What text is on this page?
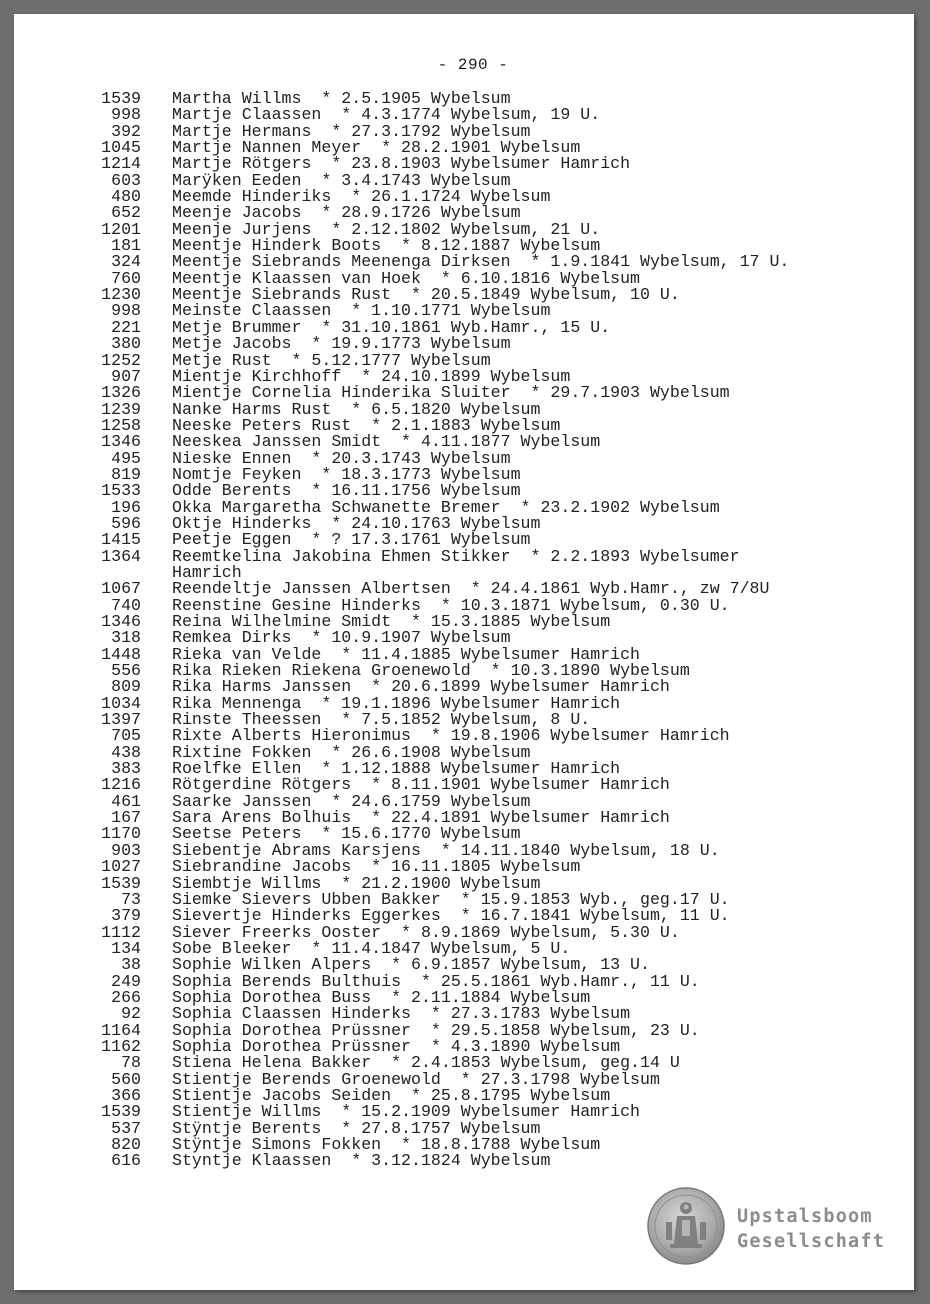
- 290 -
1539 Martha Willms  * 2.5.1905 Wybelsum
998 Martje Claassen  * 4.3.1774 Wybelsum, 19 U.
392 Martje Hermans  * 27.3.1792 Wybelsum
1045 Martje Nannen Meyer  * 28.2.1901 Wybelsum
1214 Martje Rötgers  * 23.8.1903 Wybelsumer Hamrich
603 Marÿken Eeden  * 3.4.1743 Wybelsum
480 Meemde Hinderiks  * 26.1.1724 Wybelsum
652 Meenje Jacobs  * 28.9.1726 Wybelsum
1201 Meenje Jurjens  * 2.12.1802 Wybelsum, 21 U.
181 Meentje Hinderk Boots  * 8.12.1887 Wybelsum
324 Meentje Siebrands Meenenga Dirksen  * 1.9.1841 Wybelsum, 17 U.
760 Meentje Klaassen van Hoek  * 6.10.1816 Wybelsum
1230 Meentje Siebrands Rust  * 20.5.1849 Wybelsum, 10 U.
998 Meinste Claassen  * 1.10.1771 Wybelsum
221 Metje Brummer  * 31.10.1861 Wyb.Hamr., 15 U.
380 Metje Jacobs  * 19.9.1773 Wybelsum
1252 Metje Rust  * 5.12.1777 Wybelsum
907 Mientje Kirchhoff  * 24.10.1899 Wybelsum
1326 Mientje Cornelia Hinderika Sluiter  * 29.7.1903 Wybelsum
1239 Nanke Harms Rust  * 6.5.1820 Wybelsum
1258 Neeske Peters Rust  * 2.1.1883 Wybelsum
1346 Neeskea Janssen Smidt  * 4.11.1877 Wybelsum
495 Nieske Ennen  * 20.3.1743 Wybelsum
819 Nomtje Feyken  * 18.3.1773 Wybelsum
1533 Odde Berents  * 16.11.1756 Wybelsum
196 Okka Margaretha Schwanette Bremer  * 23.2.1902 Wybelsum
596 Oktje Hinderks  * 24.10.1763 Wybelsum
1415 Peetje Eggen  * ? 17.3.1761 Wybelsum
1364 Reemtkelina Jakobina Ehmen Stikker  * 2.2.1893 Wybelsumer Hamrich
1067 Reendeltje Janssen Albertsen  * 24.4.1861 Wyb.Hamr., zw 7/8U
740 Reenstine Gesine Hinderks  * 10.3.1871 Wybelsum, 0.30 U.
1346 Reina Wilhelmine Smidt  * 15.3.1885 Wybelsum
318 Remkea Dirks  * 10.9.1907 Wybelsum
1448 Rieka van Velde  * 11.4.1885 Wybelsumer Hamrich
556 Rika Rieken Riekena Groenewold  * 10.3.1890 Wybelsum
809 Rika Harms Janssen  * 20.6.1899 Wybelsumer Hamrich
1034 Rika Mennenga  * 19.1.1896 Wybelsumer Hamrich
1397 Rinste Theessen  * 7.5.1852 Wybelsum, 8 U.
705 Rixte Alberts Hieronimus  * 19.8.1906 Wybelsumer Hamrich
438 Rixtine Fokken  * 26.6.1908 Wybelsum
383 Roelfke Ellen  * 1.12.1888 Wybelsumer Hamrich
1216 Rötgerdine Rötgers  * 8.11.1901 Wybelsumer Hamrich
461 Saarke Janssen  * 24.6.1759 Wybelsum
167 Sara Arens Bolhuis  * 22.4.1891 Wybelsumer Hamrich
1170 Seetse Peters  * 15.6.1770 Wybelsum
903 Siebentje Abrams Karsjens  * 14.11.1840 Wybelsum, 18 U.
1027 Siebrandine Jacobs  * 16.11.1805 Wybelsum
1539 Siembtje Willms  * 21.2.1900 Wybelsum
73 Siemke Sievers Ubben Bakker  * 15.9.1853 Wyb., geg.17 U.
379 Sievertje Hinderks Eggerkes  * 16.7.1841 Wybelsum, 11 U.
1112 Siever Freerks Ooster  * 8.9.1869 Wybelsum, 5.30 U.
134 Sobe Bleeker  * 11.4.1847 Wybelsum, 5 U.
38 Sophie Wilken Alpers  * 6.9.1857 Wybelsum, 13 U.
249 Sophia Berends Bulthuis  * 25.5.1861 Wyb.Hamr., 11 U.
266 Sophia Dorothea Buss  * 2.11.1884 Wybelsum
92 Sophia Claassen Hinderks  * 27.3.1783 Wybelsum
1164 Sophia Dorothea Prüssner  * 29.5.1858 Wybelsum, 23 U.
1162 Sophia Dorothea Prüssner  * 4.3.1890 Wybelsum
78 Stiena Helena Bakker  * 2.4.1853 Wybelsum, geg.14 U
560 Stientje Berends Groenewold  * 27.3.1798 Wybelsum
366 Stientje Jacobs Seiden  * 25.8.1795 Wybelsum
1539 Stientje Willms  * 15.2.1909 Wybelsumer Hamrich
537 Stÿntje Berents  * 27.8.1757 Wybelsum
820 Stÿntje Simons Fokken  * 18.8.1788 Wybelsum
616 Styntje Klaassen  * 3.12.1824 Wybelsum
Upstalsboom
Gesellschaft
